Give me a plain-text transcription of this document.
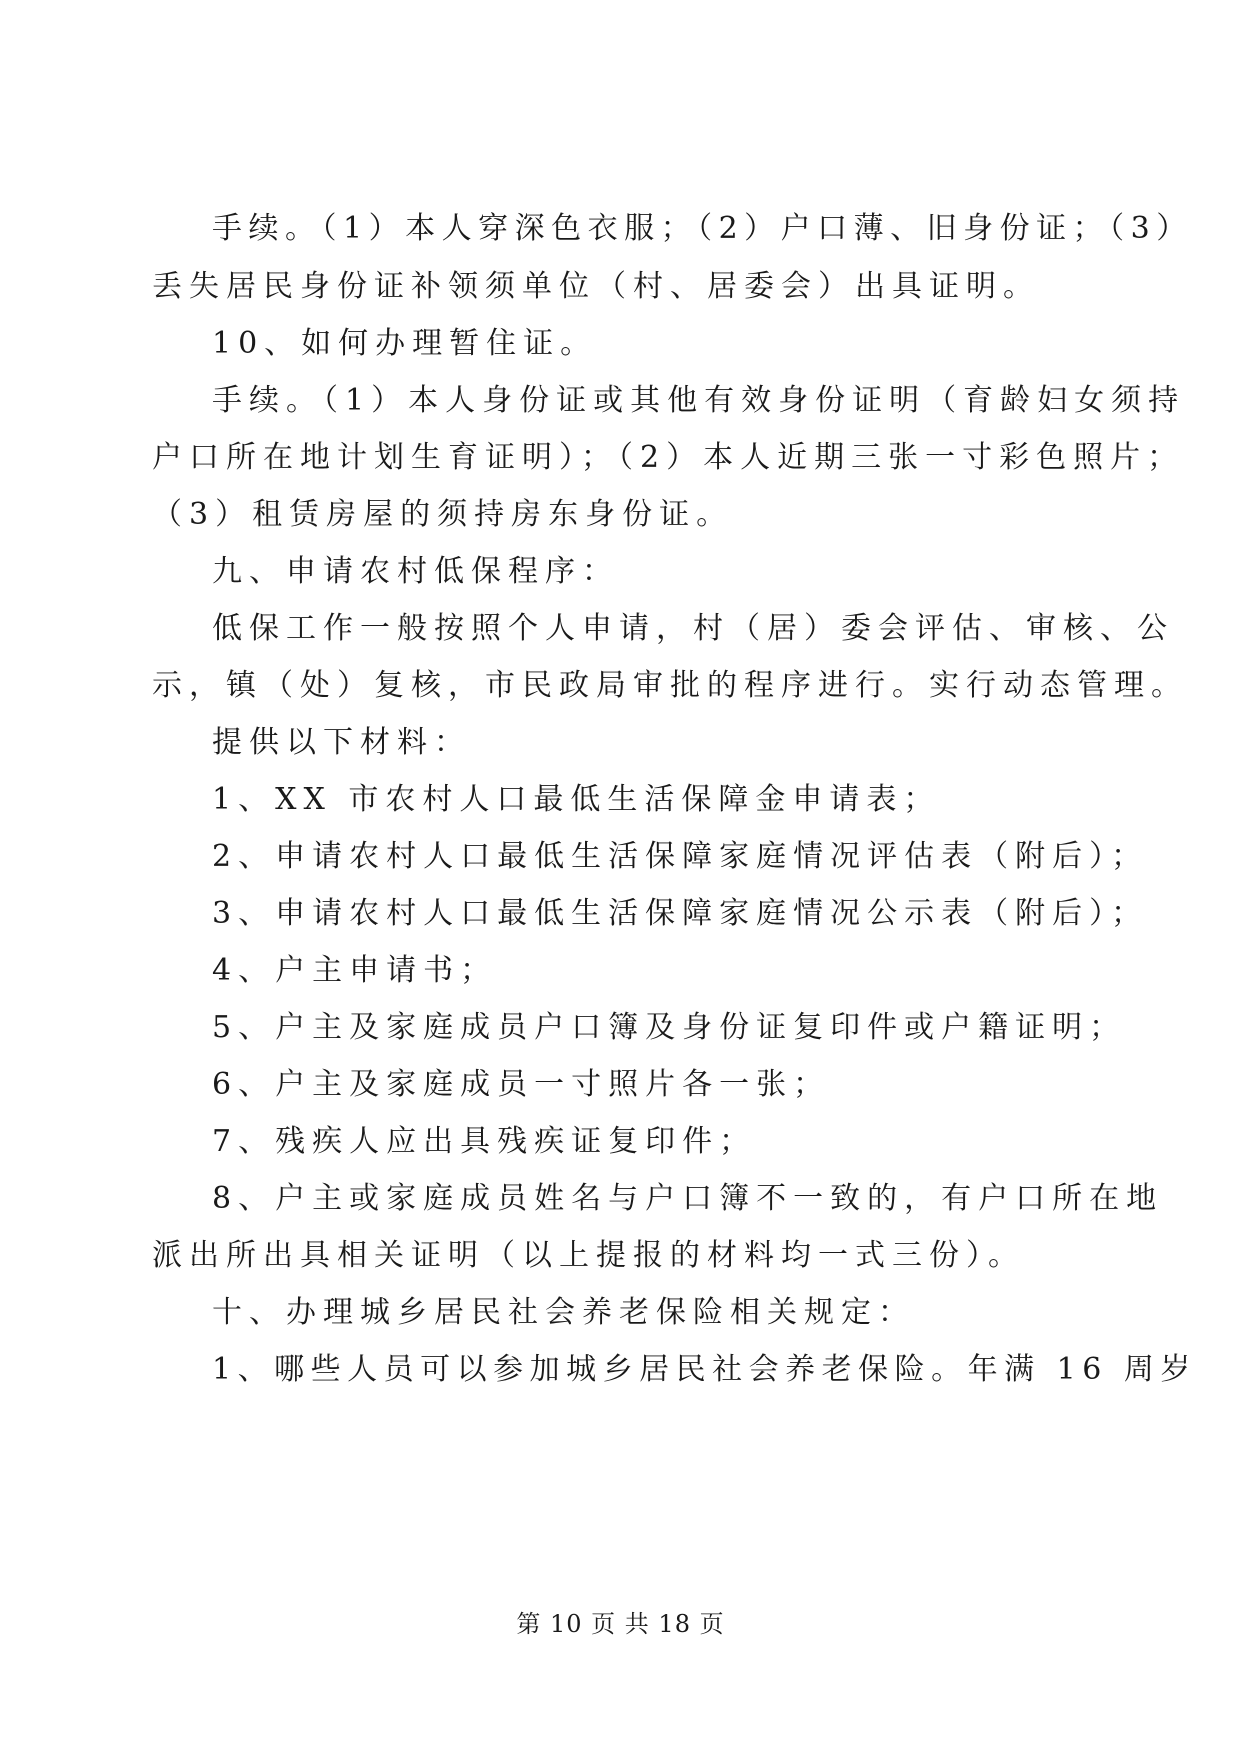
手续。（1）本人穿深色衣服；（2）户口薄、旧身份证；（3）
丢失居民身份证补领须单位（村、居委会）出具证明。
10、如何办理暂住证。
手续。（1）本人身份证或其他有效身份证明（育龄妇女须持
户口所在地计划生育证明）；（2）本人近期三张一寸彩色照片；
（3）租赁房屋的须持房东身份证。
九、申请农村低保程序：
低保工作一般按照个人申请，村（居）委会评估、审核、公
示，镇（处）复核，市民政局审批的程序进行。实行动态管理。
提供以下材料：
1、XX 市农村人口最低生活保障金申请表；
2、申请农村人口最低生活保障家庭情况评估表（附后）；
3、申请农村人口最低生活保障家庭情况公示表（附后）；
4、户主申请书；
5、户主及家庭成员户口簿及身份证复印件或户籍证明；
6、户主及家庭成员一寸照片各一张；
7、残疾人应出具残疾证复印件；
8、户主或家庭成员姓名与户口簿不一致的，有户口所在地
派出所出具相关证明（以上提报的材料均一式三份）。
十、办理城乡居民社会养老保险相关规定：
1、哪些人员可以参加城乡居民社会养老保险。年满 16 周岁
第 10 页 共 18 页
